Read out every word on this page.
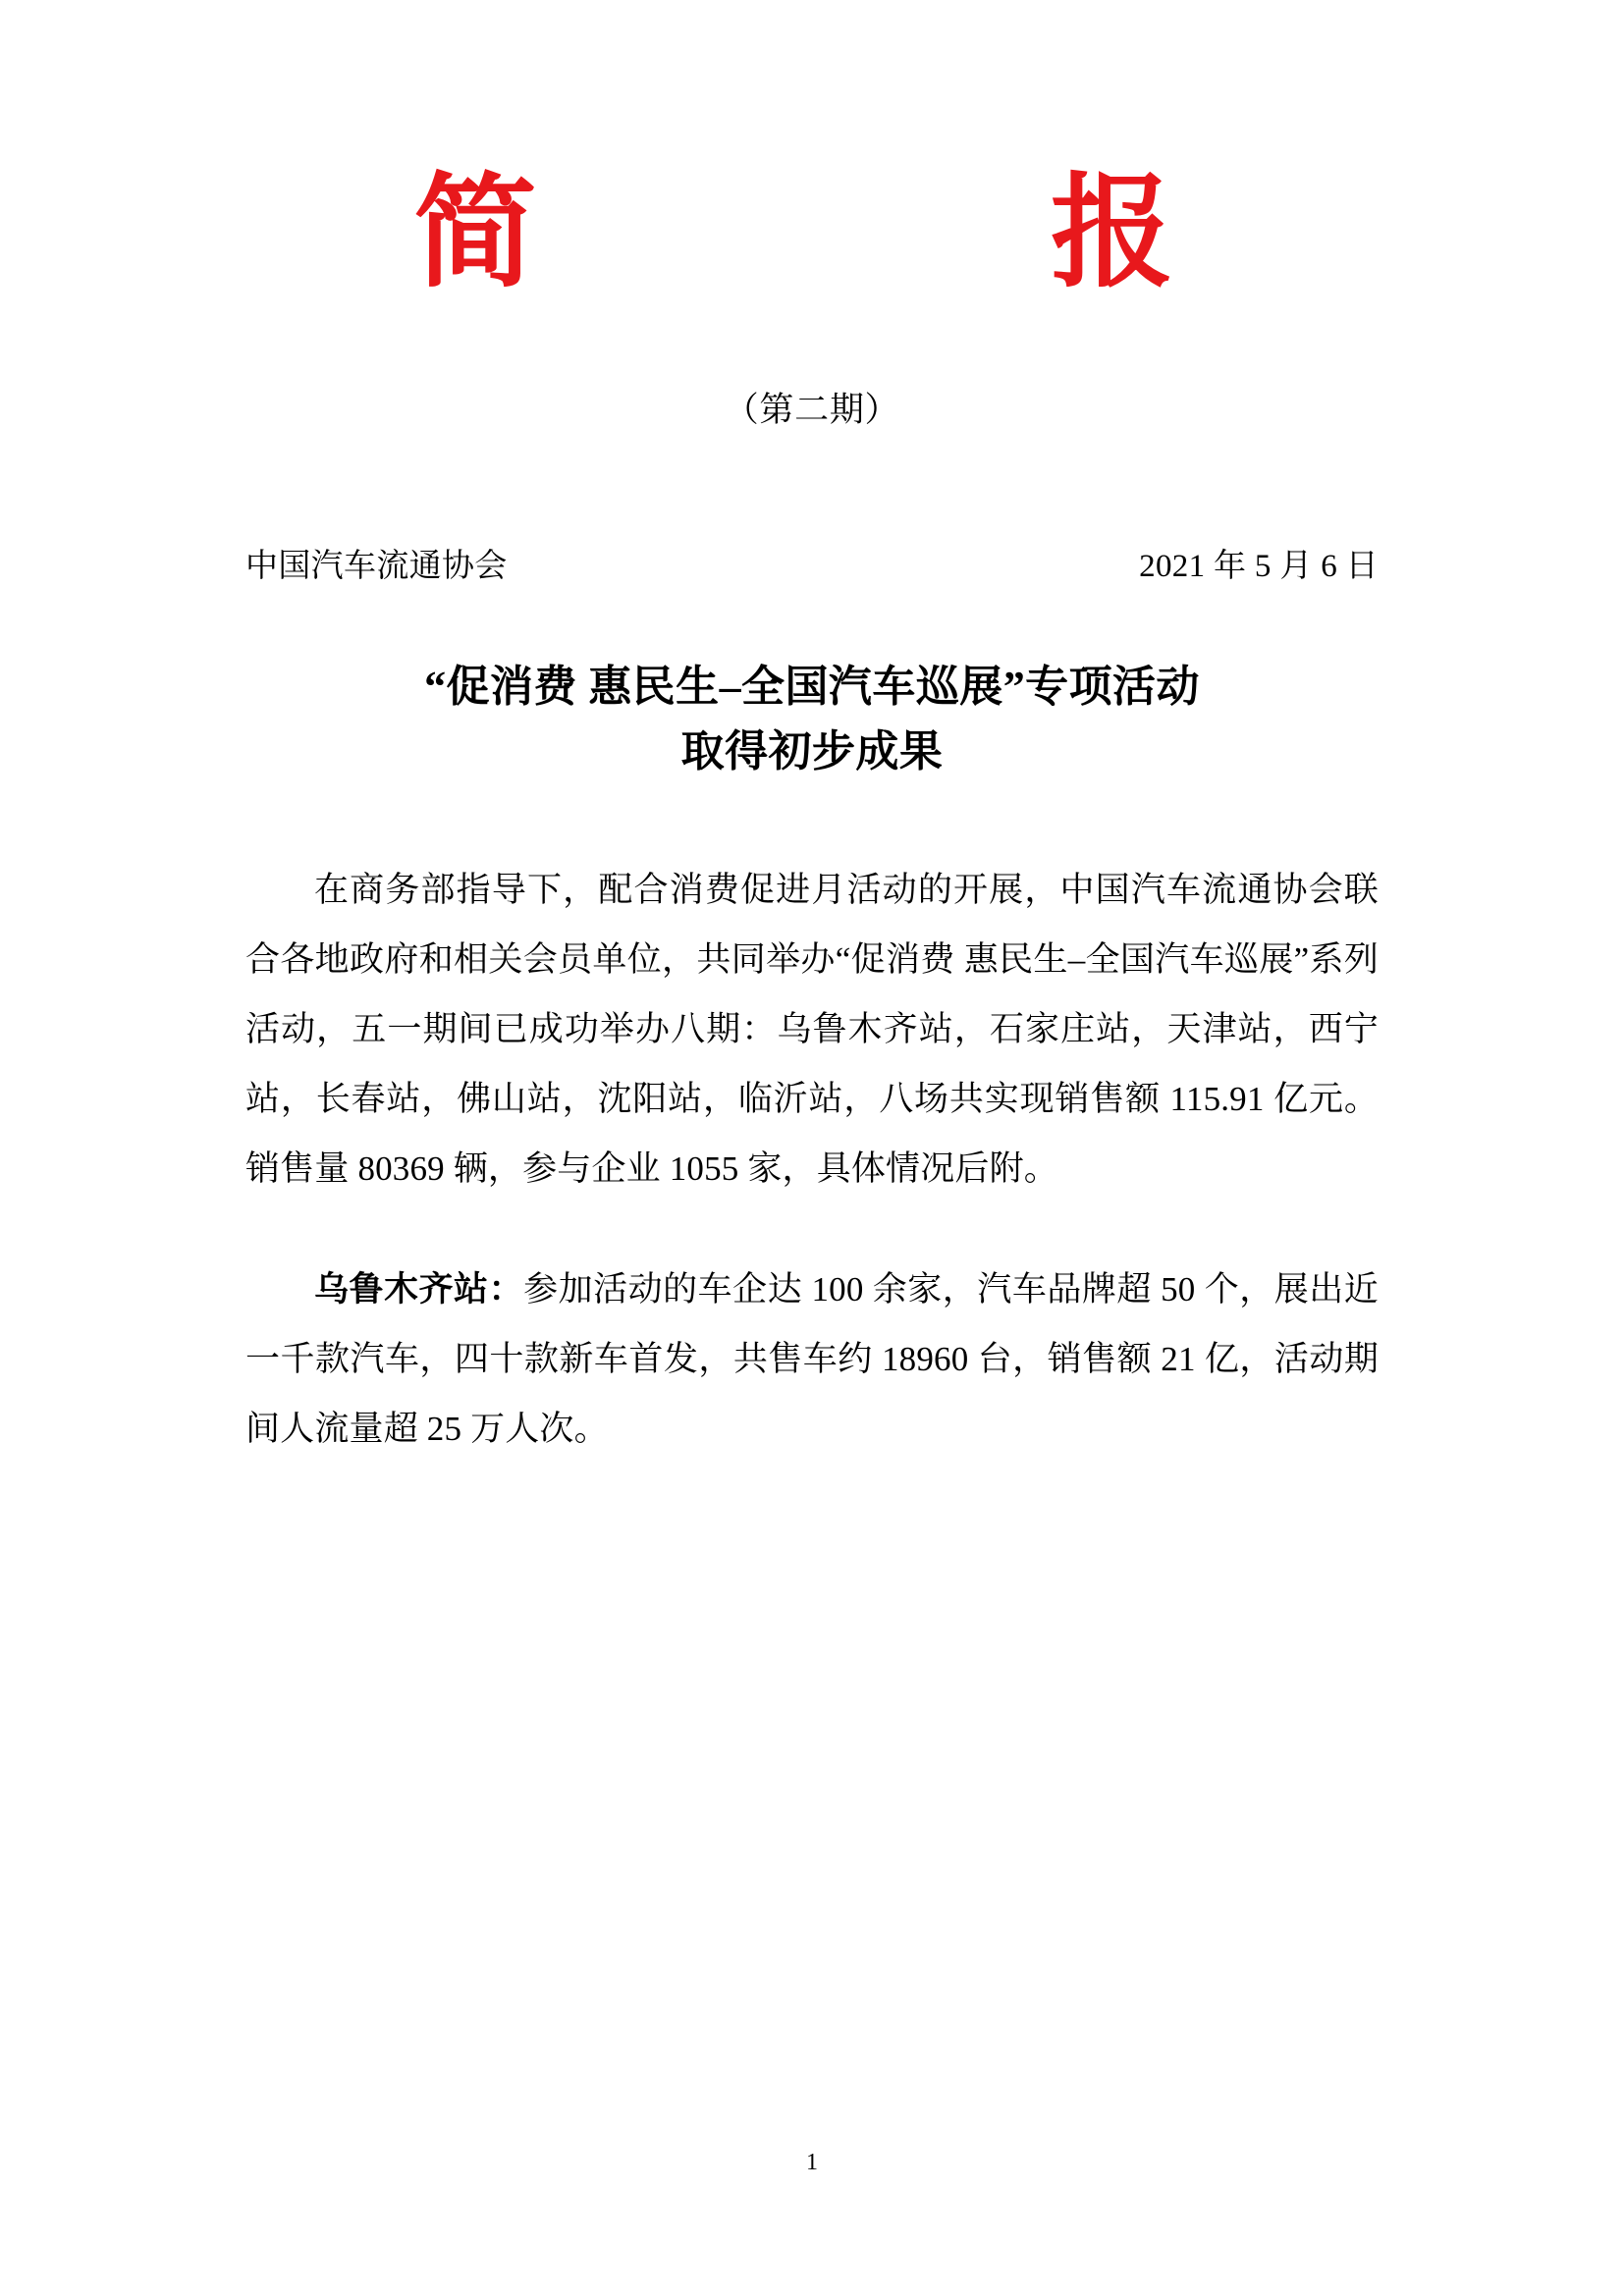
简      报
（第二期）
中国汽车流通协会	2021 年 5 月 6 日
“促消费 惠民生–全国汽车巡展”专项活动
取得初步成果

在商务部指导下，配合消费促进月活动的开展，中国汽车流通协会联合各地政府和相关会员单位，共同举办“促消费 惠民生–全国汽车巡展”系列活动，五一期间已成功举办八期：乌鲁木齐站，石家庄站，天津站，西宁站，长春站，佛山站，沈阳站，临沂站，八场共实现销售额 115.91 亿元。销售量 80369 辆，参与企业 1055 家，具体情况后附。

乌鲁木齐站：参加活动的车企达 100 余家，汽车品牌超 50 个，展出近一千款汽车，四十款新车首发，共售车约 18960 台，销售额 21 亿，活动期间人流量超 25 万人次。

1
